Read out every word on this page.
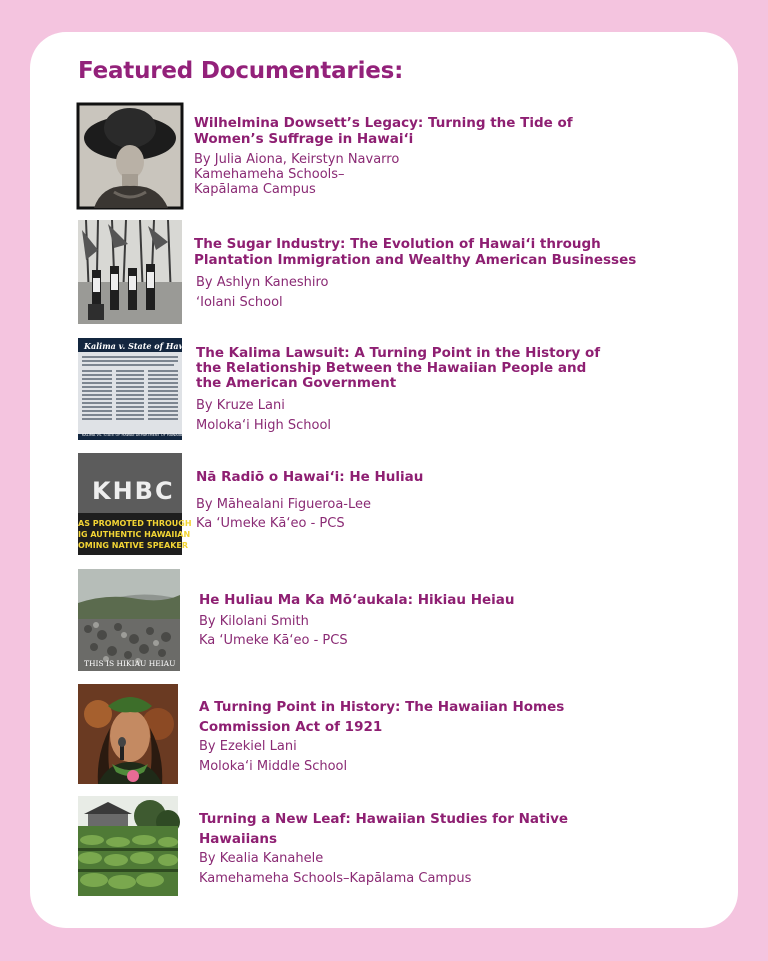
Featured Documentaries:

Wilhelmina Dowsett’s Legacy: Turning the Tide of
Women’s Suffrage in Hawai‘i

By Julia Aiona, Keirstyn Navarro

Kamehameha Schools–

Kapālama Campus

The Sugar Industry: The Evolution of Hawai‘i through
Plantation Immigration and Wealthy American Businesses

By Ashlyn Kaneshiro

ʻIolani School

Kalima v. State of Hawaii:
KALIMA VS. STATE OF HAWAII DEPARTMENT OF HAWAIIAN

The Kalima Lawsuit: A Turning Point in the History of
the Relationship Between the Hawaiian People and
the American Government

By Kruze Lani

Moloka‘i High School

KHBC
AS PROMOTED THROUGH
IG AUTHENTIC HAWAIIAN
OMING NATIVE SPEAKER

Nā Radiō o Hawai‘i: He Huliau

By Māhealani Figueroa-Lee

Ka ‘Umeke Kā‘eo - PCS

THIS IS HIKIAU HEIAU

He Huliau Ma Ka Mō‘aukala: Hikiau Heiau

By Kilolani Smith

Ka ‘Umeke Kā‘eo - PCS

A Turning Point in History: The Hawaiian Homes
Commission Act of 1921

By Ezekiel Lani

Moloka‘i Middle School

Turning a New Leaf: Hawaiian Studies for Native
Hawaiians

By Kealia Kanahele

Kamehameha Schools–Kapālama Campus
